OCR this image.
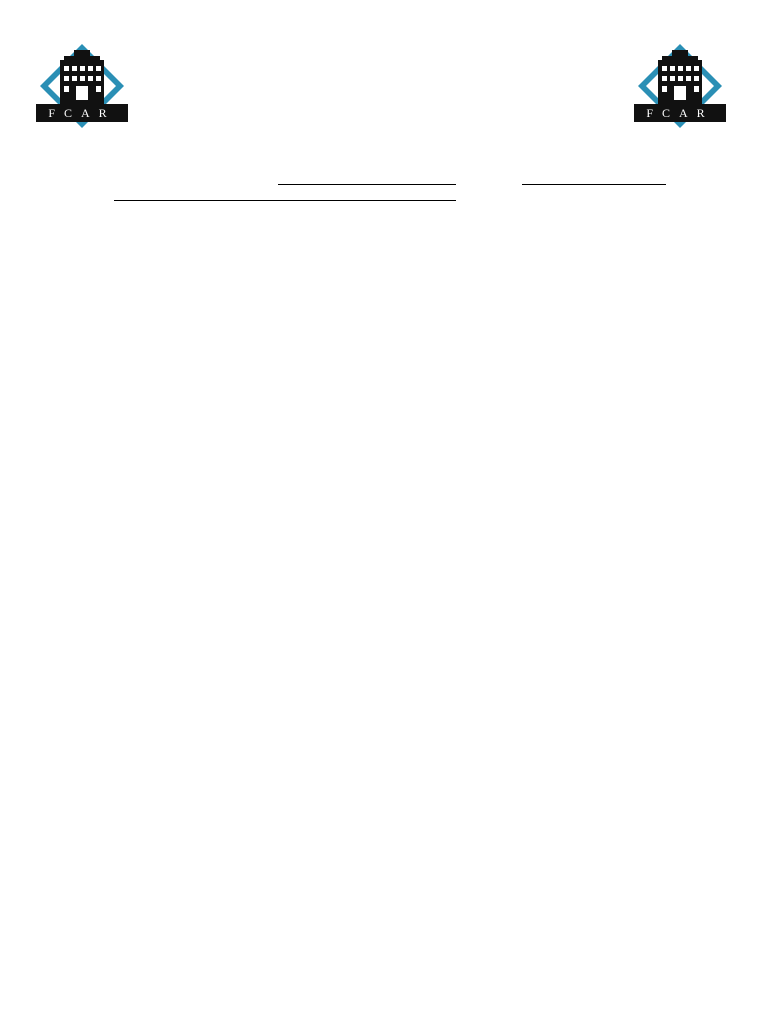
FCAR	FCAR
